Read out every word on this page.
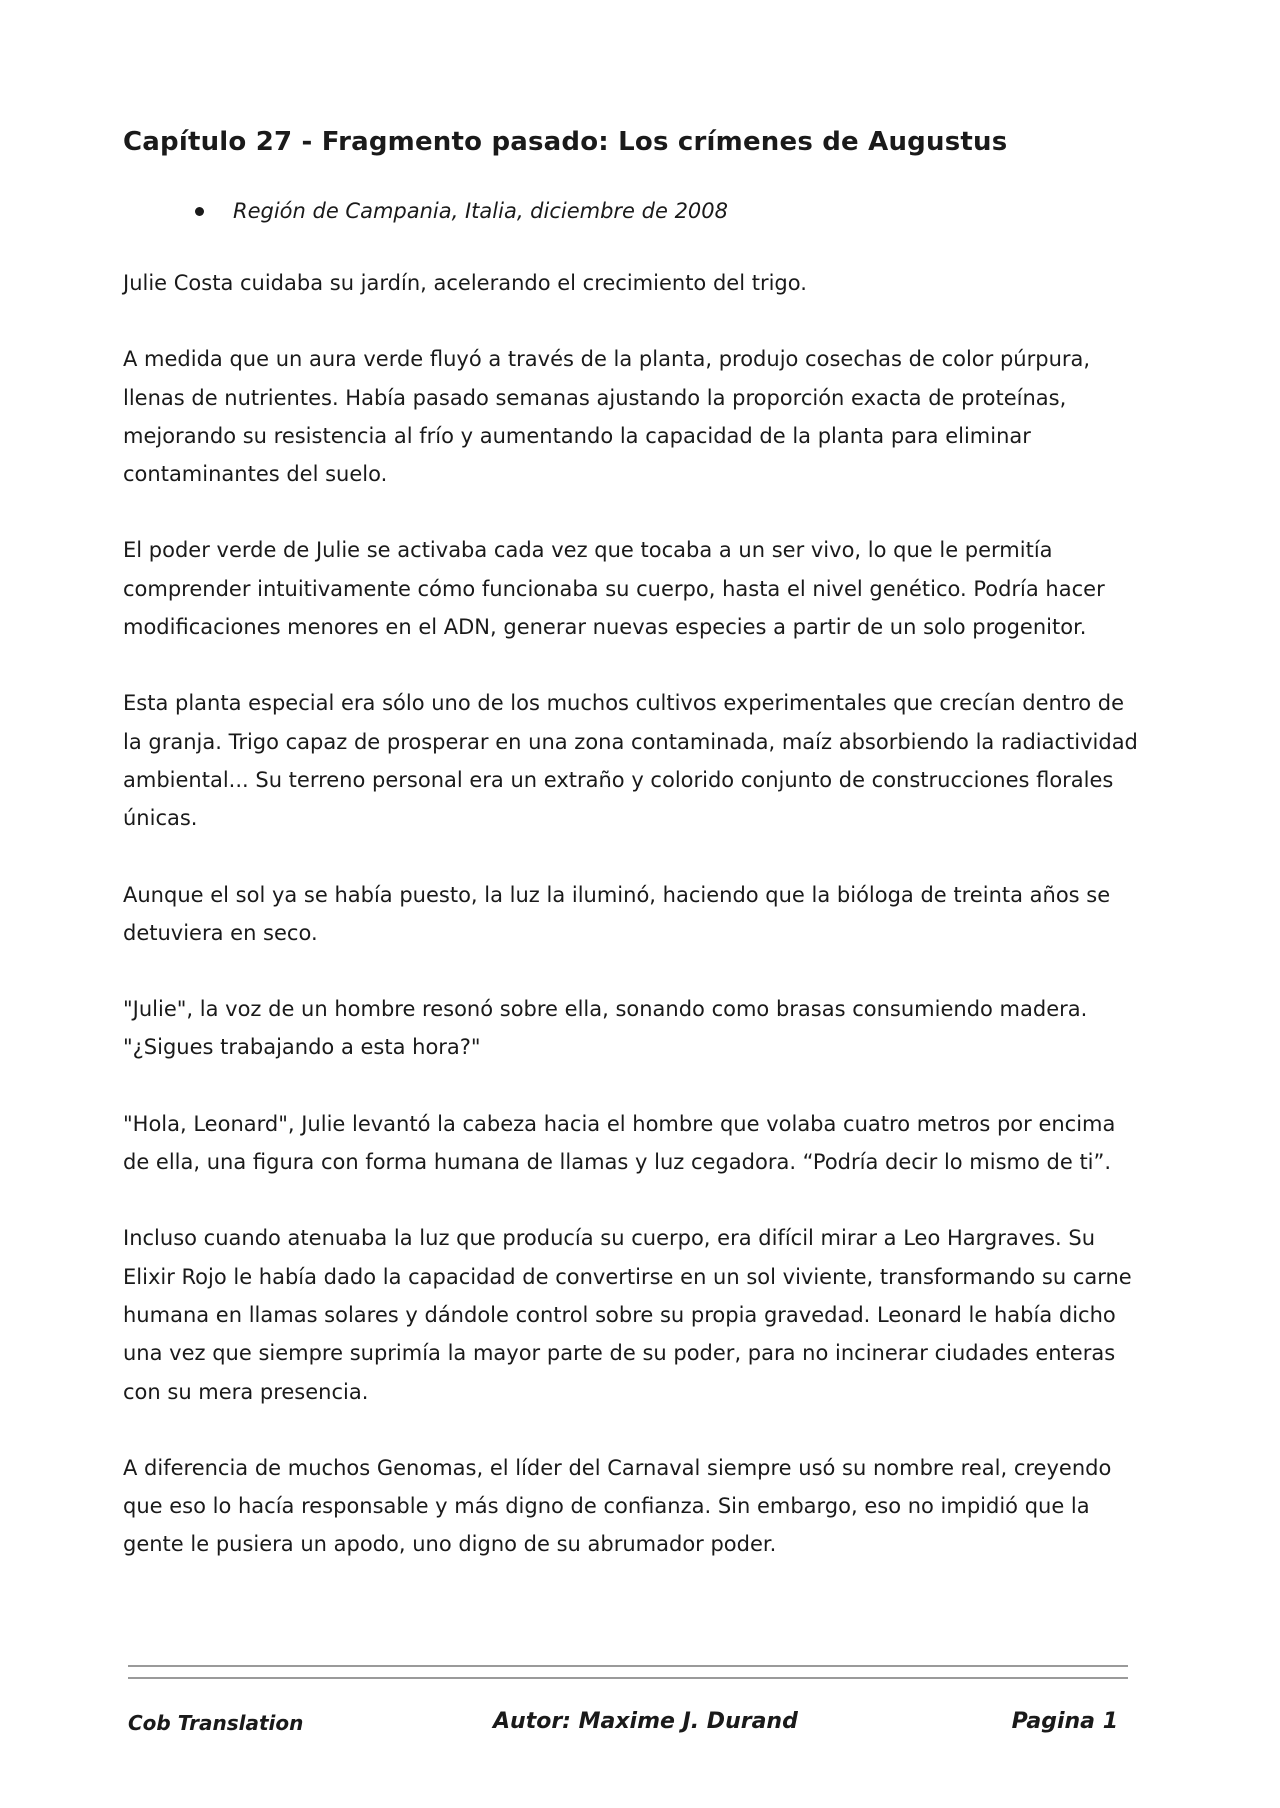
Capítulo 27 - Fragmento pasado: Los crímenes de Augustus
Región de Campania, Italia, diciembre de 2008

Julie Costa cuidaba su jardín, acelerando el crecimiento del trigo.

A medida que un aura verde fluyó a través de la planta, produjo cosechas de color púrpura, llenas de nutrientes. Había pasado semanas ajustando la proporción exacta de proteínas, mejorando su resistencia al frío y aumentando la capacidad de la planta para eliminar contaminantes del suelo.

El poder verde de Julie se activaba cada vez que tocaba a un ser vivo, lo que le permitía comprender intuitivamente cómo funcionaba su cuerpo, hasta el nivel genético. Podría hacer modificaciones menores en el ADN, generar nuevas especies a partir de un solo progenitor.

Esta planta especial era sólo uno de los muchos cultivos experimentales que crecían dentro de la granja. Trigo capaz de prosperar en una zona contaminada, maíz absorbiendo la radiactividad ambiental... Su terreno personal era un extraño y colorido conjunto de construcciones florales únicas.

Aunque el sol ya se había puesto, la luz la iluminó, haciendo que la bióloga de treinta años se detuviera en seco.

"Julie", la voz de un hombre resonó sobre ella, sonando como brasas consumiendo madera. "¿Sigues trabajando a esta hora?"

"Hola, Leonard", Julie levantó la cabeza hacia el hombre que volaba cuatro metros por encima de ella, una figura con forma humana de llamas y luz cegadora. “Podría decir lo mismo de ti”.

Incluso cuando atenuaba la luz que producía su cuerpo, era difícil mirar a Leo Hargraves. Su Elixir Rojo le había dado la capacidad de convertirse en un sol viviente, transformando su carne humana en llamas solares y dándole control sobre su propia gravedad. Leonard le había dicho una vez que siempre suprimía la mayor parte de su poder, para no incinerar ciudades enteras con su mera presencia.

A diferencia de muchos Genomas, el líder del Carnaval siempre usó su nombre real, creyendo que eso lo hacía responsable y más digno de confianza. Sin embargo, eso no impidió que la gente le pusiera un apodo, uno digno de su abrumador poder.

Cob Translation	Autor: Maxime J. Durand	Pagina 1
